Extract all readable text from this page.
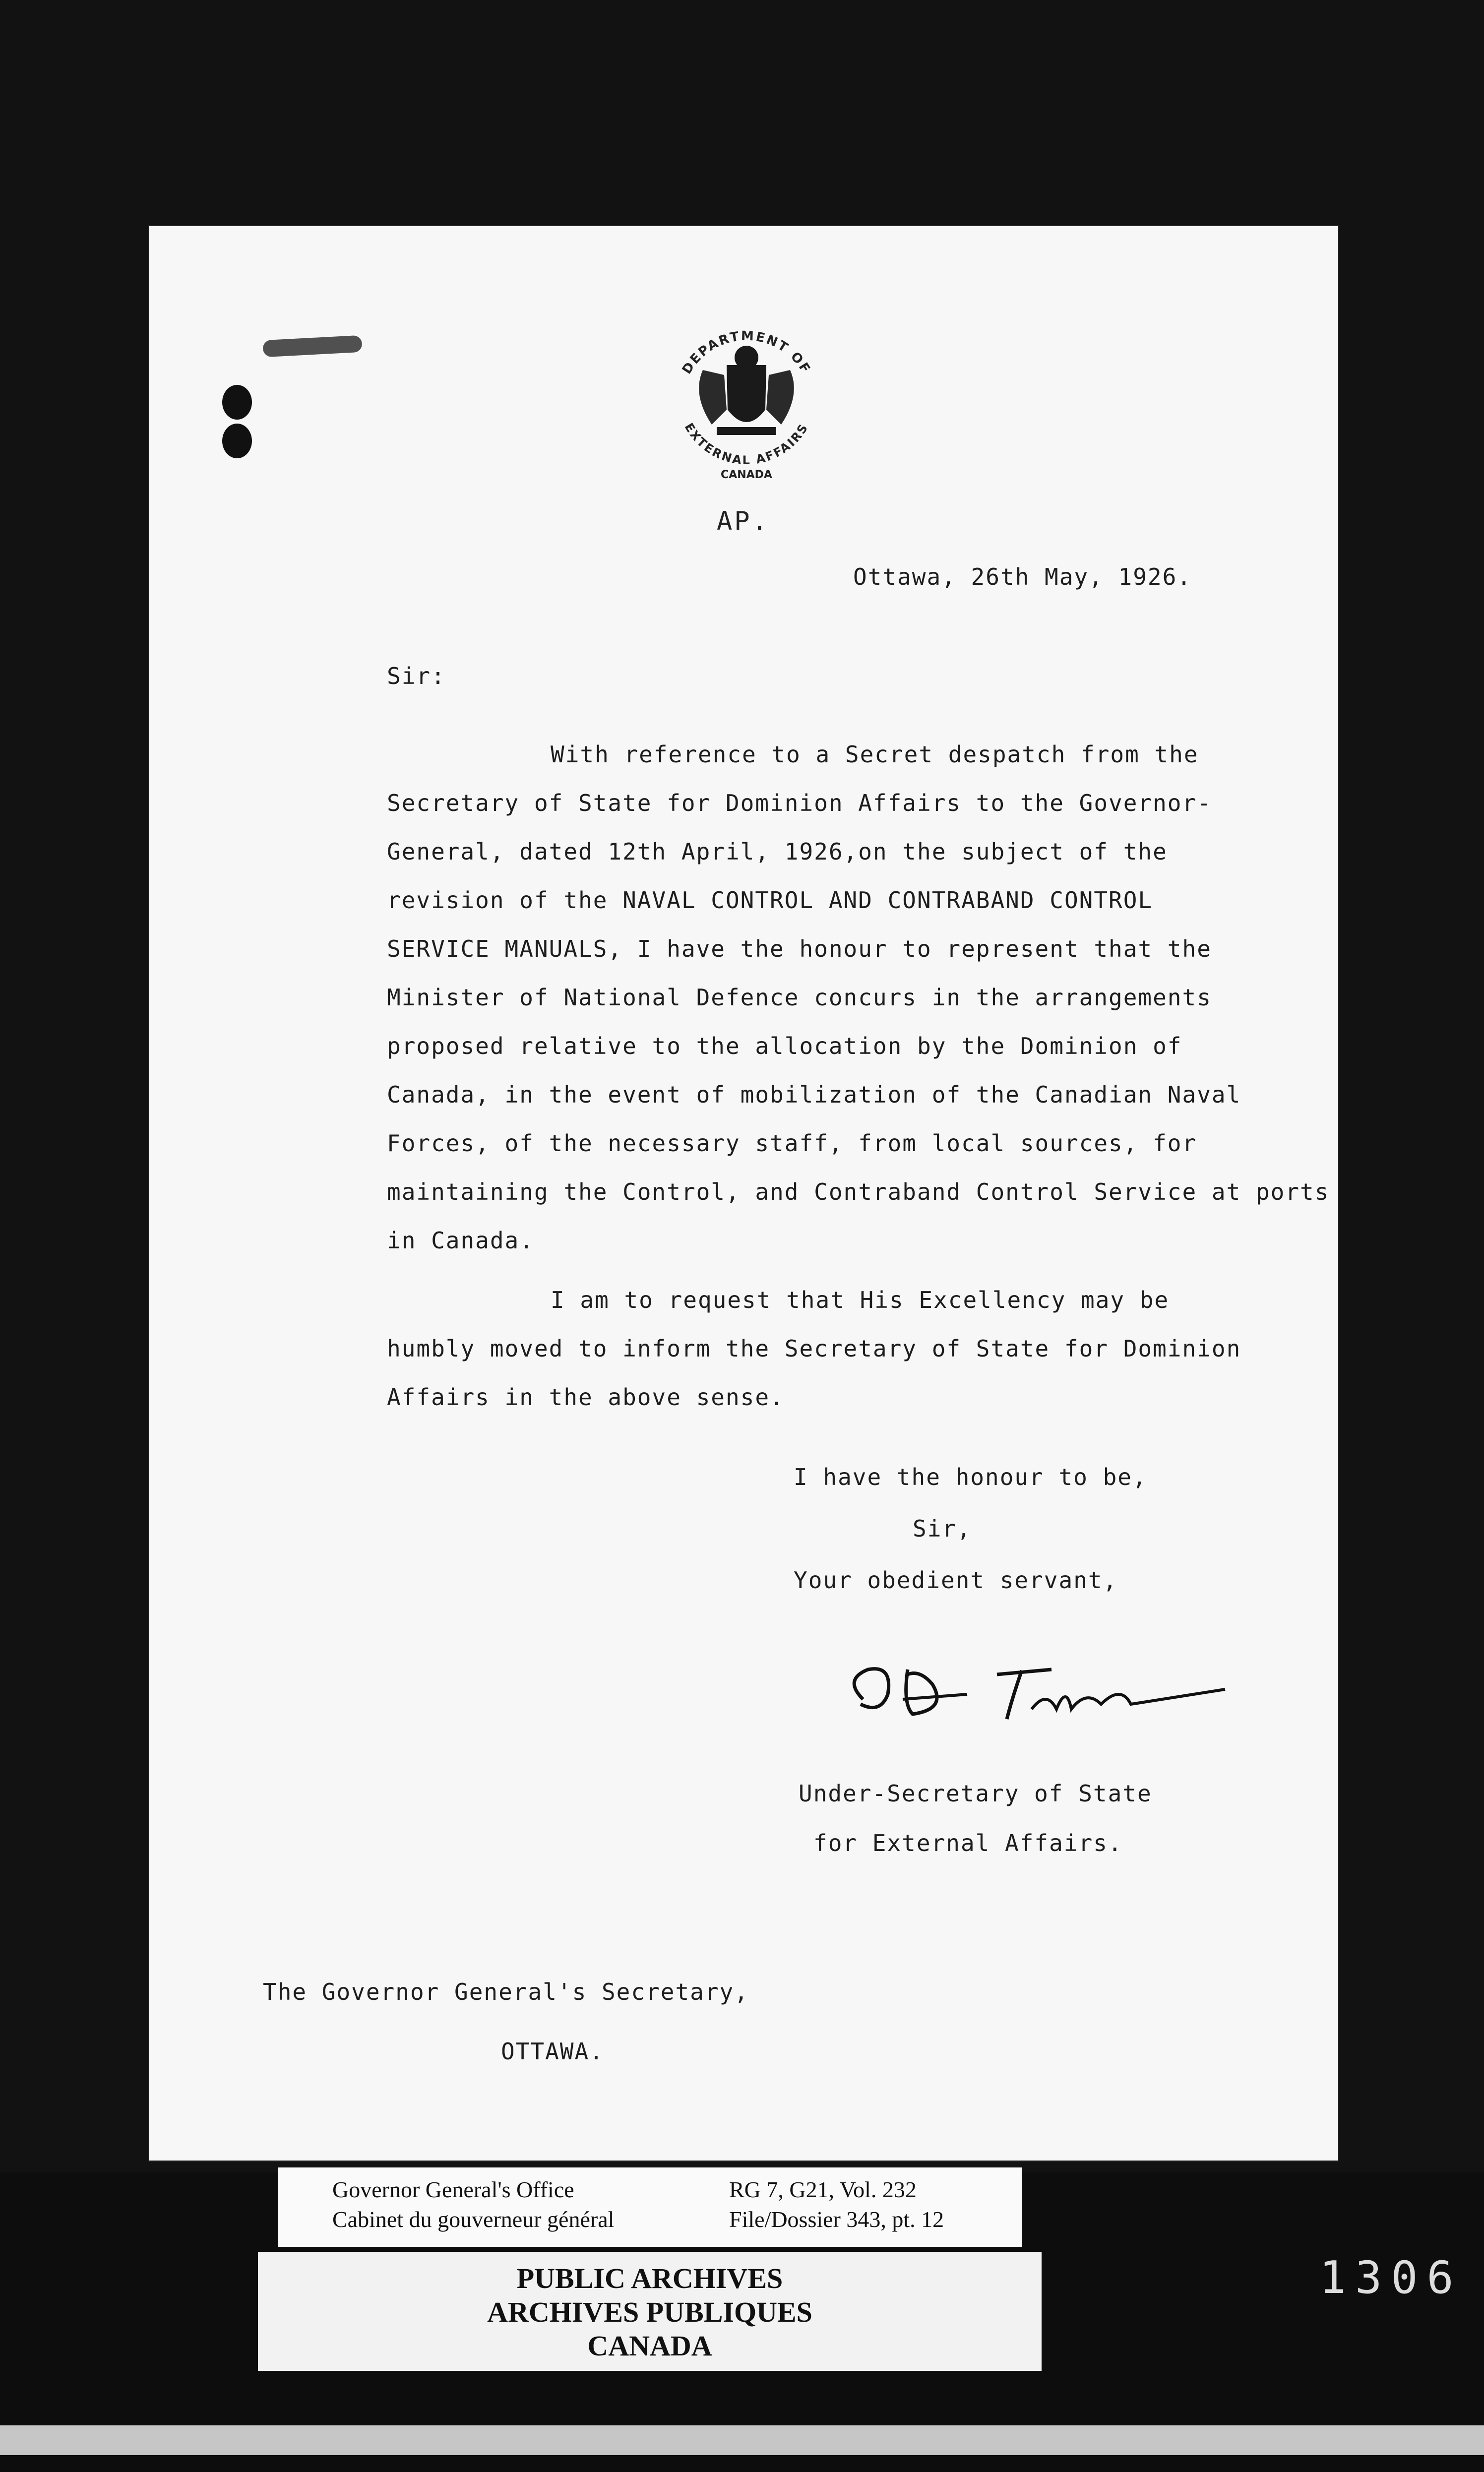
DEPARTMENT OF
EXTERNAL AFFAIRS
CANADA
AP.
Ottawa, 26th May, 1926.
Sir:
With reference to a Secret despatch from the
Secretary of State for Dominion Affairs to the Governor-
General, dated 12th April, 1926,on the subject of the
revision of the NAVAL CONTROL AND CONTRABAND CONTROL
SERVICE MANUALS, I have the honour to represent that the
Minister of National Defence concurs in the arrangements
proposed relative to the allocation by the Dominion of
Canada, in the event of mobilization of the Canadian Naval
Forces, of the necessary staff, from local sources, for
maintaining the Control, and Contraband Control Service at ports
in Canada.
I am to request that His Excellency may be
humbly moved to inform the Secretary of State for Dominion
Affairs in the above sense.
I have the honour to be,
Sir,
Your obedient servant,
Under-Secretary of State
for External Affairs.
The Governor General's Secretary,
OTTAWA.
Governor General's Office
Cabinet du gouverneur général
RG 7, G21, Vol. 232
File/Dossier 343, pt. 12
PUBLIC ARCHIVES
ARCHIVES PUBLIQUES
CANADA
1306
